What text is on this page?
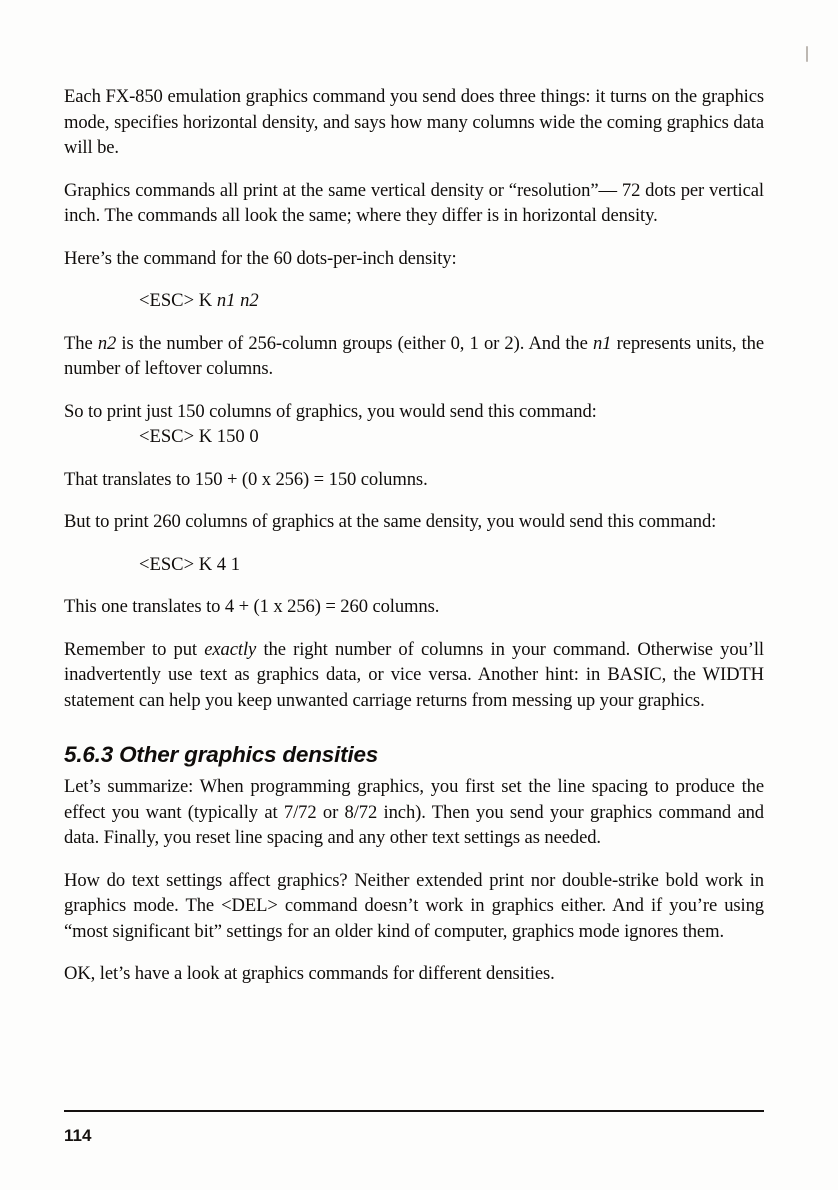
Each FX-850 emulation graphics command you send does three things: it turns on the graphics mode, specifies horizontal density, and says how many columns wide the coming graphics data will be.

Graphics commands all print at the same vertical density or “resolution”— 72 dots per vertical inch. The commands all look the same; where they differ is in horizontal density.

Here’s the command for the 60 dots-per-inch density:

<ESC> K n1 n2

The n2 is the number of 256-column groups (either 0, 1 or 2). And the n1 represents units, the number of leftover columns.

So to print just 150 columns of graphics, you would send this command:

<ESC> K 150 0

That translates to 150 + (0 x 256) = 150 columns.

But to print 260 columns of graphics at the same density, you would send this command:

<ESC> K 4 1

This one translates to 4 + (1 x 256) = 260 columns.

Remember to put exactly the right number of columns in your command. Otherwise you’ll inadvertently use text as graphics data, or vice versa. Another hint: in BASIC, the WIDTH statement can help you keep unwanted carriage returns from messing up your graphics.

5.6.3 Other graphics densities

Let’s summarize: When programming graphics, you first set the line spacing to produce the effect you want (typically at 7/72 or 8/72 inch). Then you send your graphics command and data. Finally, you reset line spacing and any other text settings as needed.

How do text settings affect graphics? Neither extended print nor double-strike bold work in graphics mode. The <DEL> command doesn’t work in graphics either. And if you’re using “most significant bit” settings for an older kind of computer, graphics mode ignores them.

OK, let’s have a look at graphics commands for different densities.

114
